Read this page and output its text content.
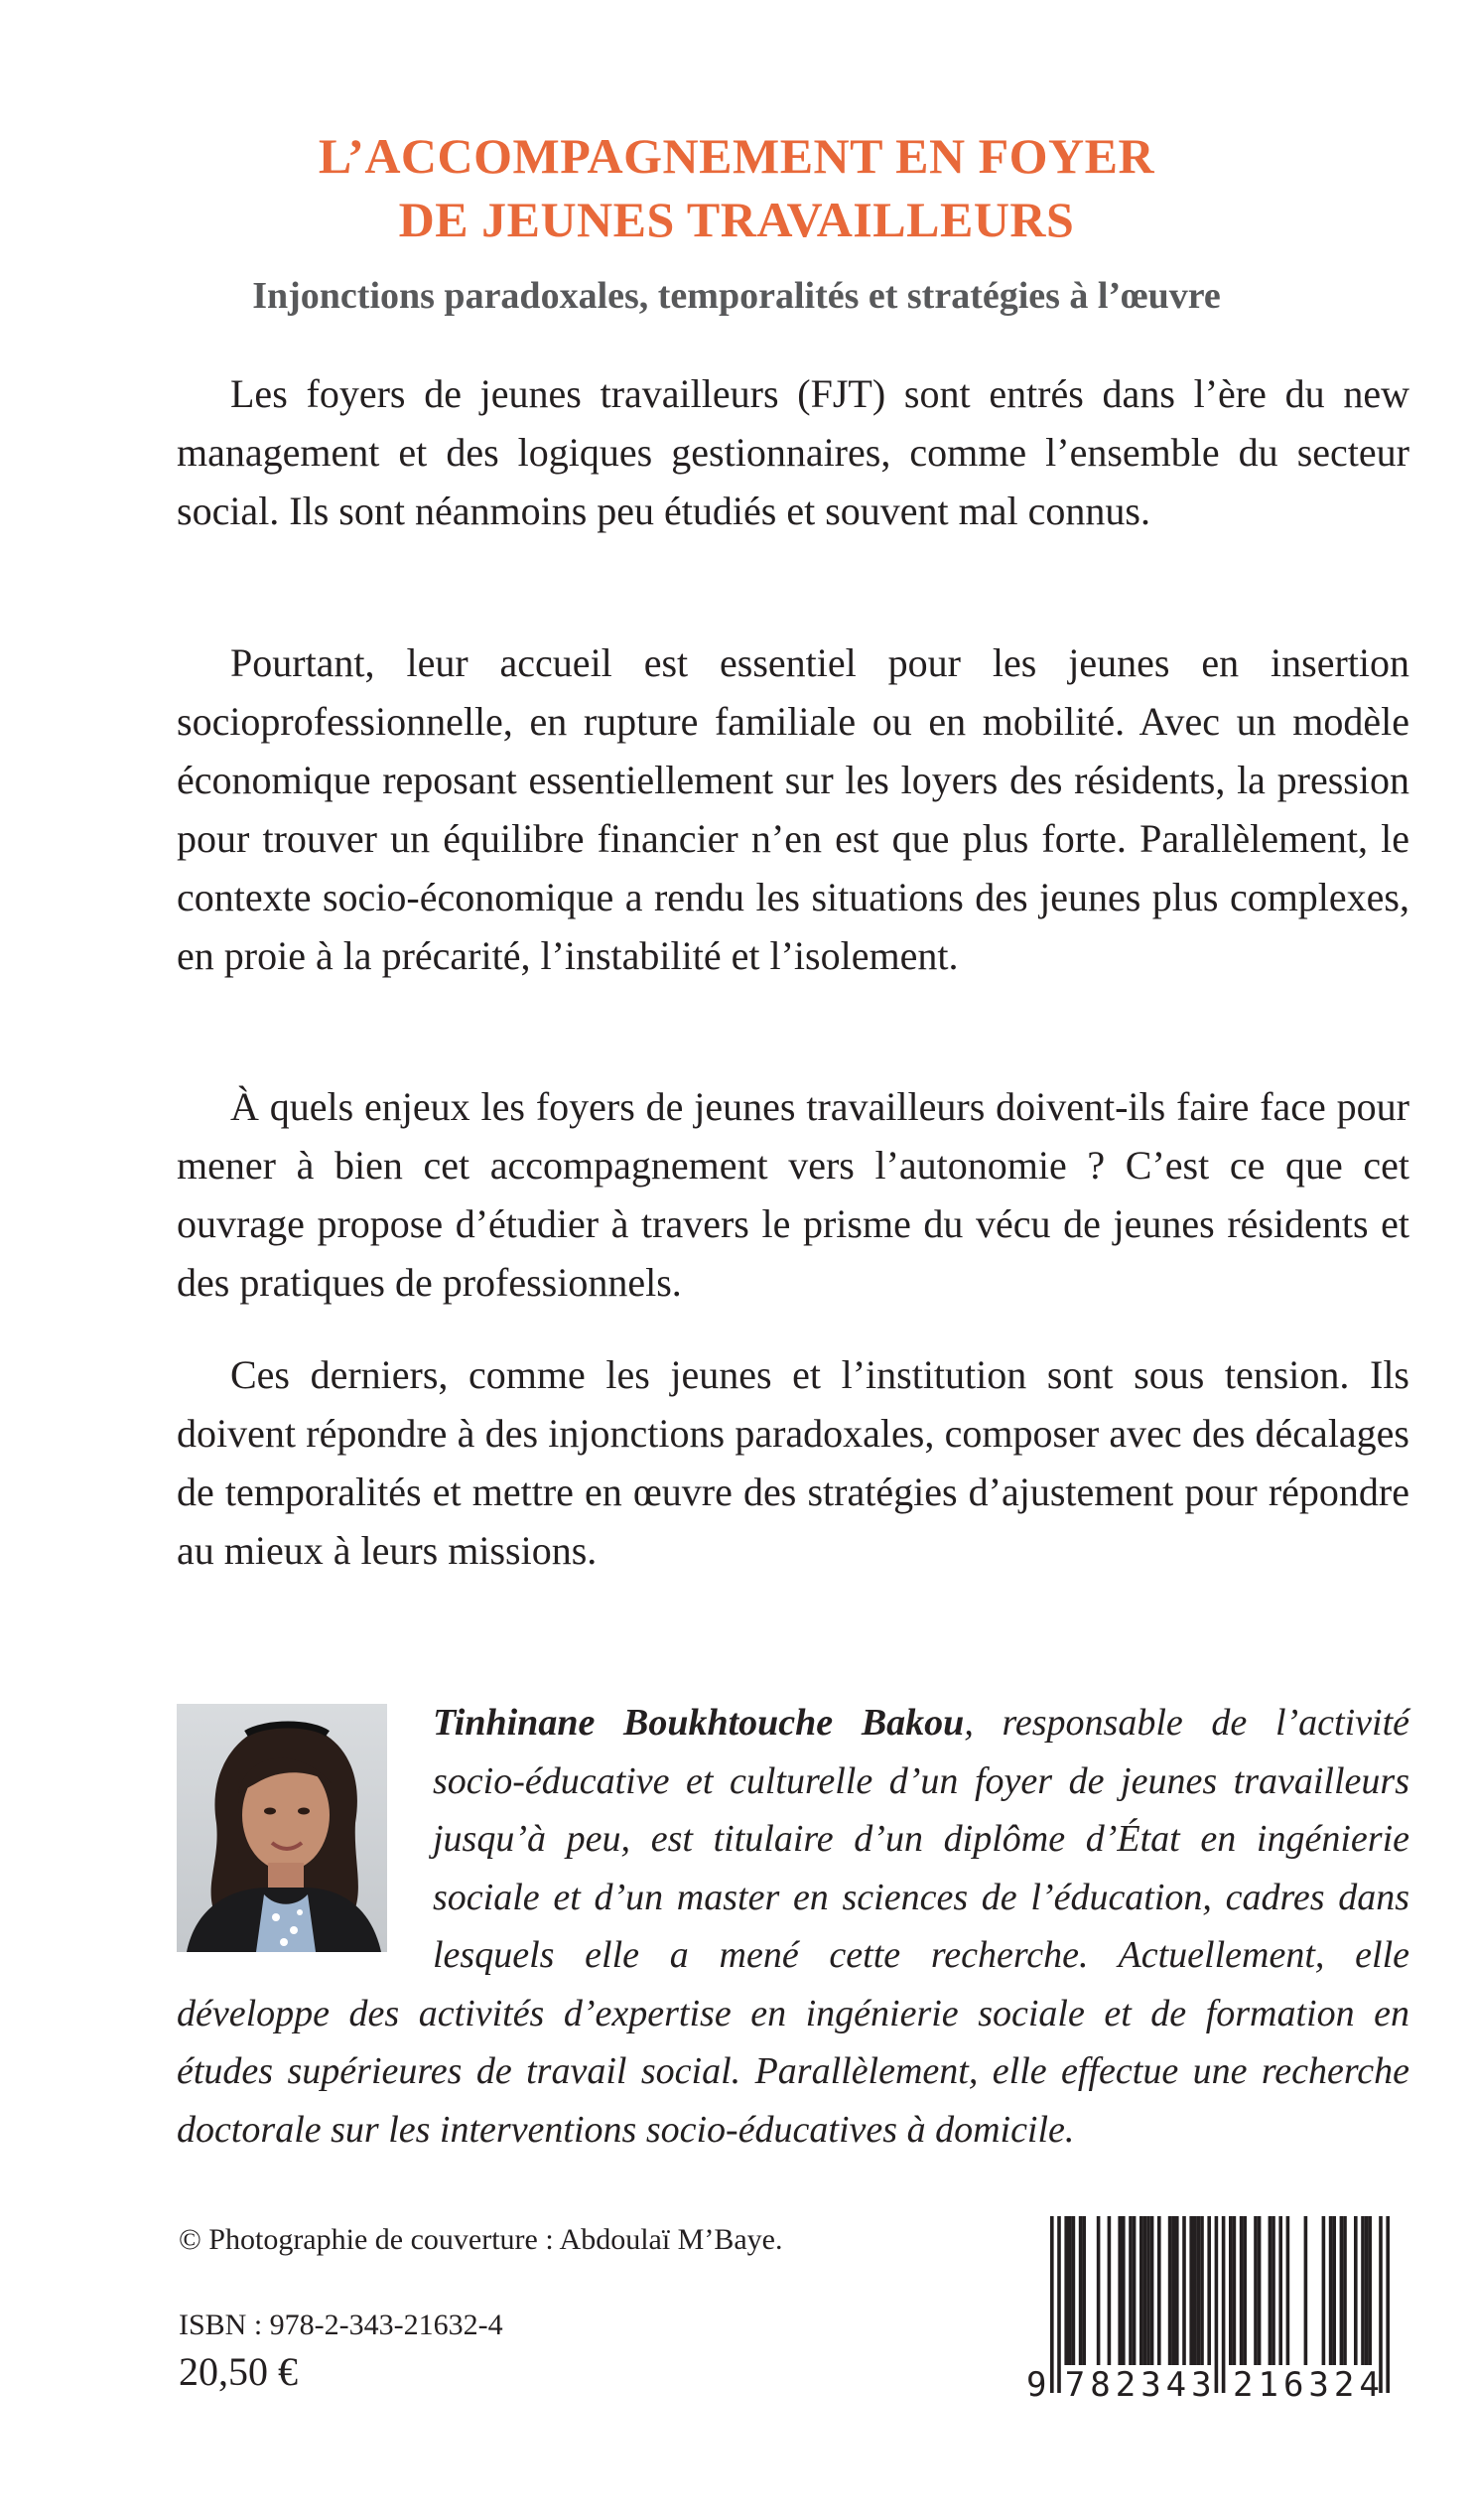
L’ACCOMPAGNEMENT EN FOYER
DE JEUNES TRAVAILLEURS
Injonctions paradoxales, temporalités et stratégies à l’œuvre

Les foyers de jeunes travailleurs (FJT) sont entrés dans l’ère du new management et des logiques gestionnaires, comme l’ensemble du secteur social. Ils sont néanmoins peu étudiés et souvent mal connus.

Pourtant, leur accueil est essentiel pour les jeunes en insertion socioprofessionnelle, en rupture familiale ou en mobilité. Avec un modèle économique reposant essentiellement sur les loyers des résidents, la pression pour trouver un équilibre financier n’en est que plus forte. Parallèlement, le contexte socio-économique a rendu les situations des jeunes plus complexes, en proie à la précarité, l’instabilité et l’isolement.

À quels enjeux les foyers de jeunes travailleurs doivent-ils faire face pour mener à bien cet accompagnement vers l’autonomie ? C’est ce que cet ouvrage propose d’étudier à travers le prisme du vécu de jeunes résidents et des pratiques de professionnels.

Ces derniers, comme les jeunes et l’institution sont sous tension. Ils doivent répondre à des injonctions paradoxales, composer avec des décalages de temporalités et mettre en œuvre des stratégies d’ajustement pour répondre au mieux à leurs missions.

Tinhinane Boukhtouche Bakou, responsable de l’activité socio-éducative et culturelle d’un foyer de jeunes travailleurs jusqu’à peu, est titulaire d’un diplôme d’État en ingénierie sociale et d’un master en sciences de l’éducation, cadres dans lesquels elle a mené cette recherche. Actuellement, elle développe des activités d’expertise en ingénierie sociale et de formation en études supérieures de travail social. Parallèlement, elle effectue une recherche doctorale sur les interventions socio-éducatives à domicile.
© Photographie de couverture : Abdoulaï M’Baye.
ISBN : 978-2-343-21632-4
20,50 €	9 782343 216324
